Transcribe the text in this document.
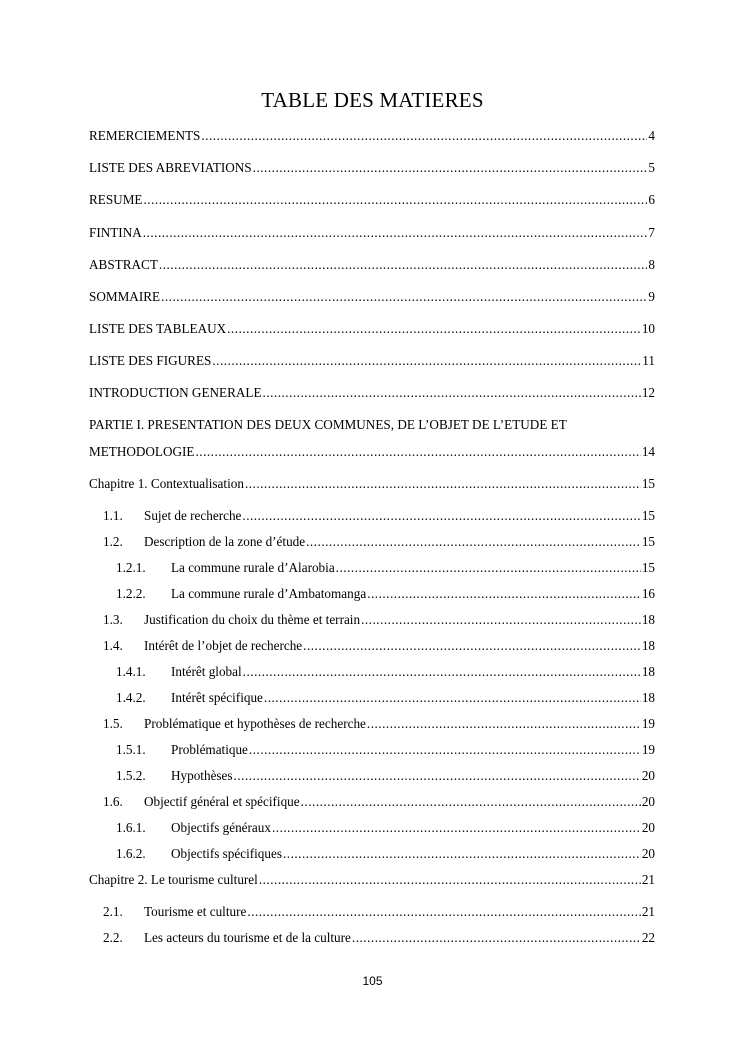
TABLE DES MATIERES
REMERCIEMENTS .....	4
LISTE DES ABREVIATIONS .....	5
RESUME .....	6
FINTINA .....	7
ABSTRACT .....	8
SOMMAIRE .....	9
LISTE DES TABLEAUX .....	10
LISTE DES FIGURES .....	11
INTRODUCTION GENERALE .....	12
PARTIE I. PRESENTATION DES DEUX COMMUNES, DE L’OBJET DE L’ETUDE ET
METHODOLOGIE .....	14
Chapitre 1. Contextualisation .....	15
1.1.	Sujet de recherche .....	15
1.2.	Description de la zone d’étude .....	15
1.2.1.	La commune rurale d’Alarobia .....	15
1.2.2.	La commune rurale d’Ambatomanga .....	16
1.3.	Justification du choix du thème et terrain .....	18
1.4.	Intérêt de l’objet de recherche .....	18
1.4.1.	Intérêt global .....	18
1.4.2.	Intérêt spécifique .....	18
1.5.	Problématique et hypothèses de recherche .....	19
1.5.1.	Problématique .....	19
1.5.2.	Hypothèses .....	20
1.6.	Objectif général et spécifique .....	20
1.6.1.	Objectifs généraux .....	20
1.6.2.	Objectifs spécifiques .....	20
Chapitre 2. Le tourisme culturel .....	21
2.1.	Tourisme et culture .....	21
2.2.	Les acteurs du tourisme et de la culture .....	22
105
